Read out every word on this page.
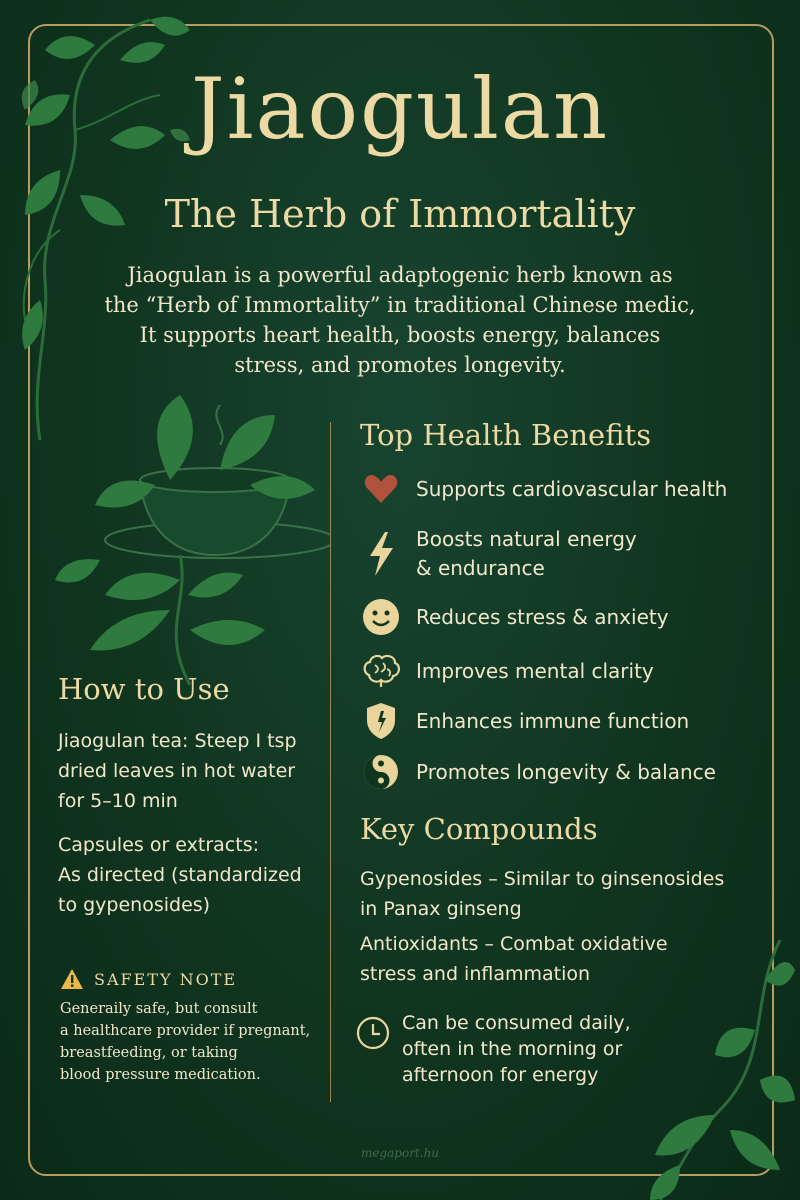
Jiaogulan
The Herb of Immortality
Jiaogulan is a powerful adaptogenic herb known as
the “Herb of Immortality” in traditional Chinese medic,
It supports heart health, boosts energy, balances
stress, and promotes longevity.
Top Health Benefits
Supports cardiovascular health
Boosts natural energy
& endurance
Reduces stress & anxiety
Improves mental clarity
Enhances immune function
Promotes longevity & balance
How to Use
Jiaogulan tea: Steep I tsp
dried leaves in hot water
for 5–10 min
Capsules or extracts:
As directed (standardized
to gypenosides)
SAFETY NOTE
Generaily safe, but consult
a healthcare provider if pregnant,
breastfeeding, or taking
blood pressure medication.
Key Compounds
Gypenosides – Similar to ginsenosides
in Panax ginseng
Antioxidants – Combat oxidative
stress and inflammation
Can be consumed daily,
often in the morning or
afternoon for energy
megaport.hu
